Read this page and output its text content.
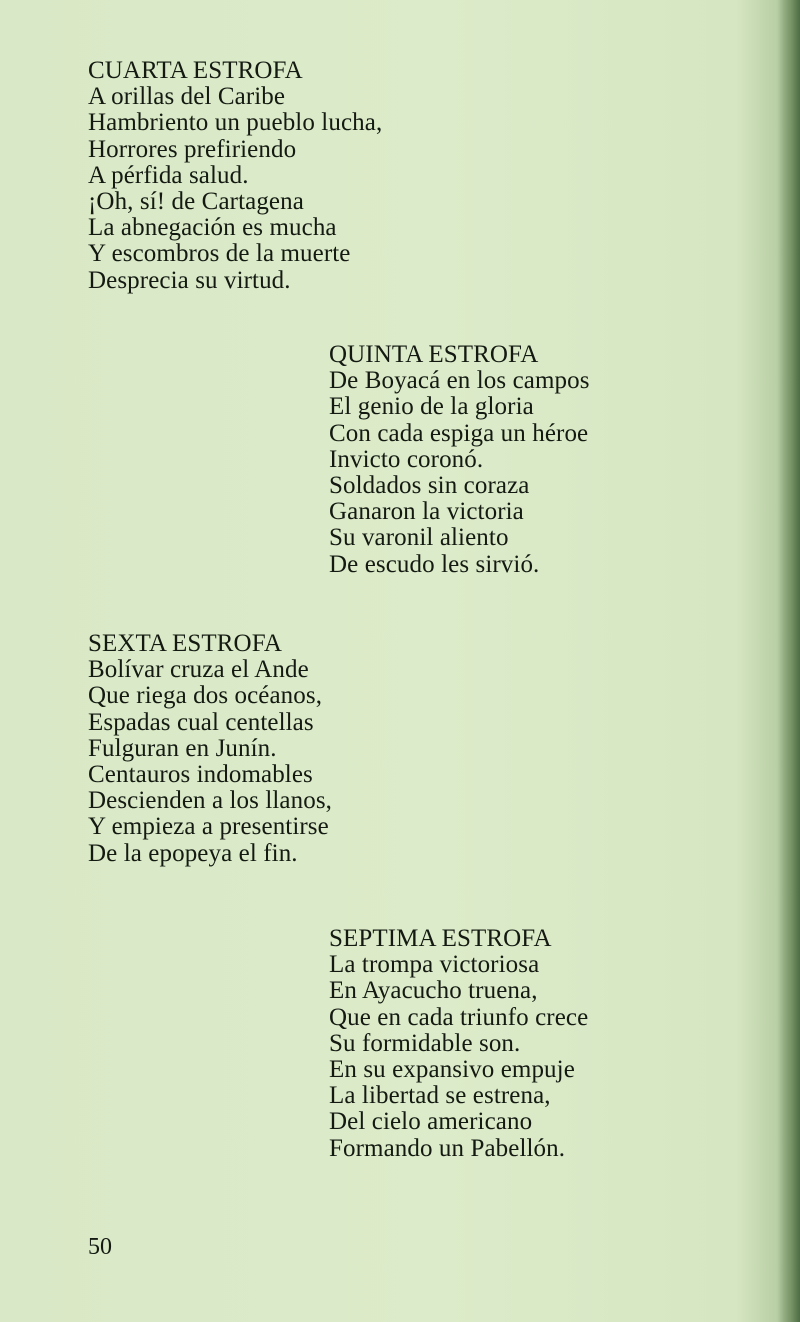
CUARTA ESTROFA
A orillas del Caribe
Hambriento un pueblo lucha,
Horrores prefiriendo
A pérfida salud.
¡Oh, sí! de Cartagena
La abnegación es mucha
Y escombros de la muerte
Desprecia su virtud.
QUINTA ESTROFA
De Boyacá en los campos
El genio de la gloria
Con cada espiga un héroe
Invicto coronó.
Soldados sin coraza
Ganaron la victoria
Su varonil aliento
De escudo les sirvió.
SEXTA ESTROFA
Bolívar cruza el Ande
Que riega dos océanos,
Espadas cual centellas
Fulguran en Junín.
Centauros indomables
Descienden a los llanos,
Y empieza a presentirse
De la epopeya el fin.
SEPTIMA ESTROFA
La trompa victoriosa
En Ayacucho truena,
Que en cada triunfo crece
Su formidable son.
En su expansivo empuje
La libertad se estrena,
Del cielo americano
Formando un Pabellón.
50
